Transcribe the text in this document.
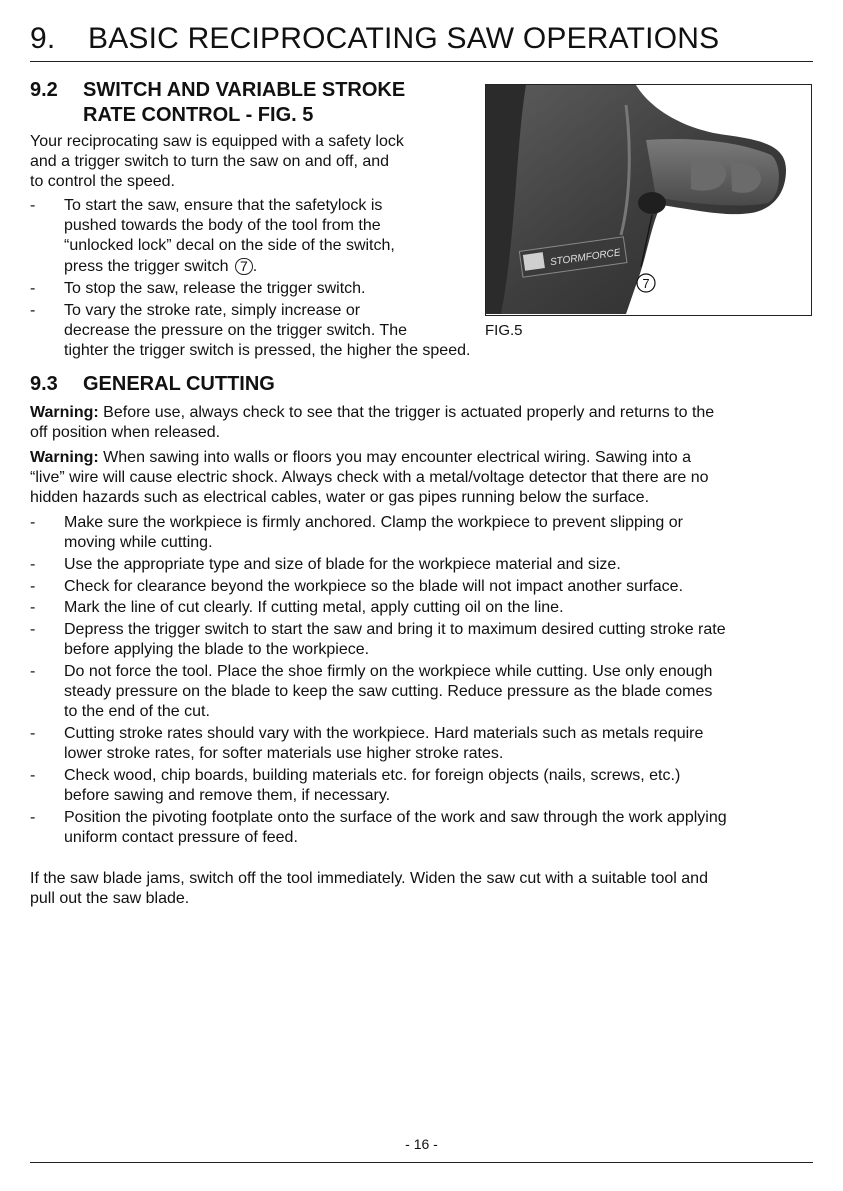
9. BASIC RECIPROCATING SAW OPERATIONS
9.2 SWITCH AND VARIABLE STROKE
RATE CONTROL - FIG. 5
Your reciprocating saw is equipped with a safety lock
and a trigger switch to turn the saw on and off, and
to control the speed.
- To start the saw, ensure that the safetylock is
pushed towards the body of the tool from the
“unlocked lock” decal on the side of the switch,
press the trigger switch 7 .
- To stop the saw, release the trigger switch.
- To vary the stroke rate, simply increase or
decrease the pressure on the trigger switch. The
tighter the trigger switch is pressed, the higher the speed.
STORMFORCE
7
FIG.5
9.3 GENERAL CUTTING
Warning: Before use, always check to see that the trigger is actuated properly and returns to the
off position when released.
Warning: When sawing into walls or floors you may encounter electrical wiring. Sawing into a
“live” wire will cause electric shock. Always check with a metal/voltage detector that there are no
hidden hazards such as electrical cables, water or gas pipes running below the surface.
- Make sure the workpiece is firmly anchored. Clamp the workpiece to prevent slipping or
moving while cutting.
- Use the appropriate type and size of blade for the workpiece material and size.
- Check for clearance beyond the workpiece so the blade will not impact another surface.
- Mark the line of cut clearly. If cutting metal, apply cutting oil on the line.
- Depress the trigger switch to start the saw and bring it to maximum desired cutting stroke rate
before applying the blade to the workpiece.
- Do not force the tool. Place the shoe firmly on the workpiece while cutting. Use only enough
steady pressure on the blade to keep the saw cutting. Reduce pressure as the blade comes
to the end of the cut.
- Cutting stroke rates should vary with the workpiece. Hard materials such as metals require
lower stroke rates, for softer materials use higher stroke rates.
- Check wood, chip boards, building materials etc. for foreign objects (nails, screws, etc.)
before sawing and remove them, if necessary.
- Position the pivoting footplate onto the surface of the work and saw through the work applying
uniform contact pressure of feed.
If the saw blade jams, switch off the tool immediately. Widen the saw cut with a suitable tool and
pull out the saw blade.
- 16 -
